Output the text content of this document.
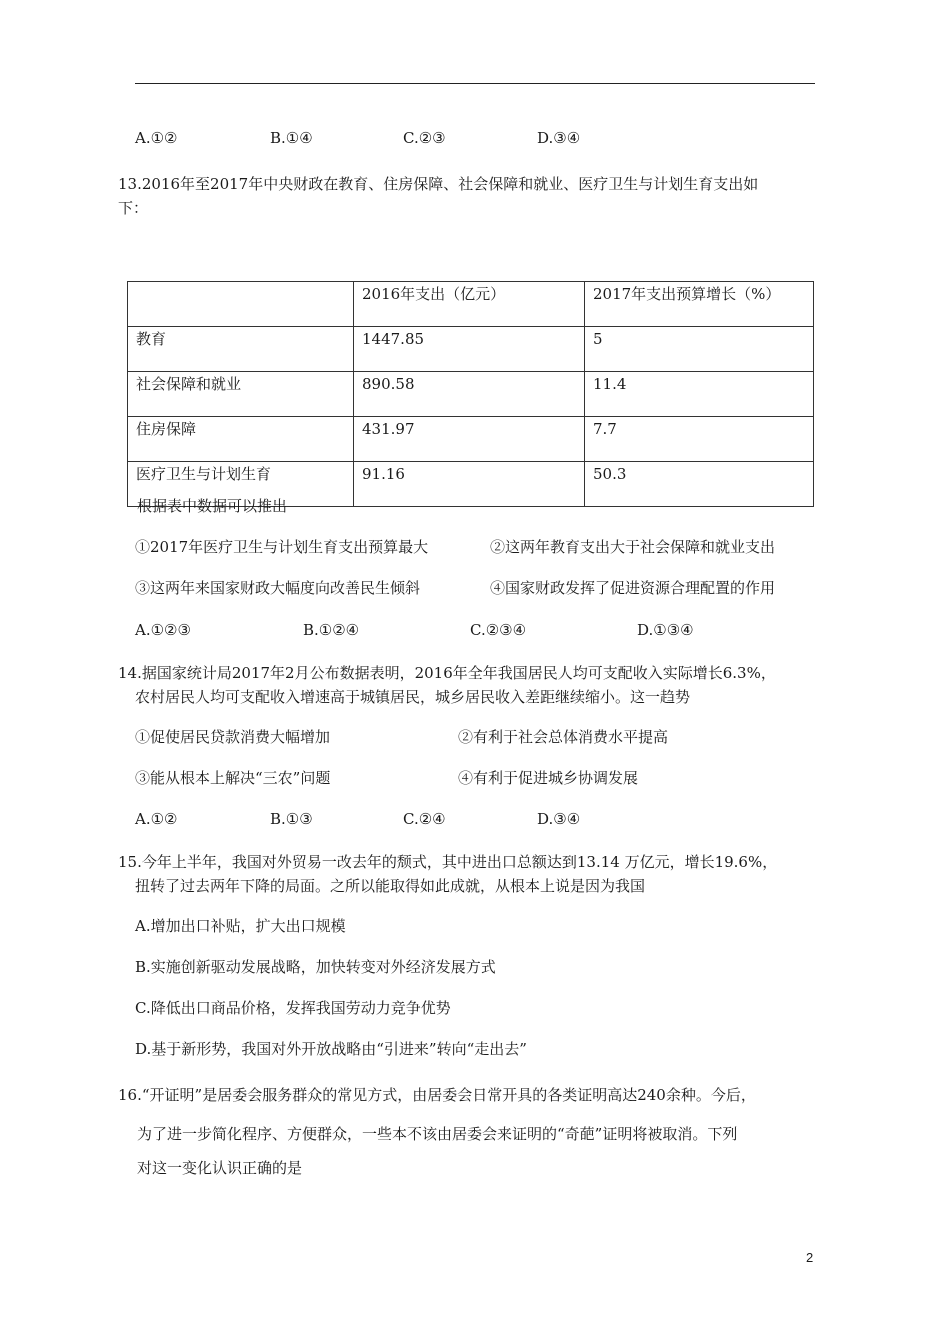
A.①②	B.①④	C.②③	D.③④
13.2016年至2017年中央财政在教育、住房保障、社会保障和就业、医疗卫生与计划生育支出如
下：
	2016年支出（亿元）	2017年支出预算增长（%）
教育	1447.85	5
社会保障和就业	890.58	11.4
住房保障	431.97	7.7
医疗卫生与计划生育	91.16	50.3
根据表中数据可以推出
①2017年医疗卫生与计划生育支出预算最大	②这两年教育支出大于社会保障和就业支出
③这两年来国家财政大幅度向改善民生倾斜	④国家财政发挥了促进资源合理配置的作用
A.①②③	B.①②④	C.②③④	D.①③④
14.据国家统计局2017年2月公布数据表明，2016年全年我国居民人均可支配收入实际增长6.3%，
农村居民人均可支配收入增速高于城镇居民，城乡居民收入差距继续缩小。这一趋势
①促使居民贷款消费大幅增加	②有利于社会总体消费水平提高
③能从根本上解决“三农”问题	④有利于促进城乡协调发展
A.①②	B.①③	C.②④	D.③④
15.今年上半年，我国对外贸易一改去年的颓式，其中进出口总额达到13.14 万亿元，增长19.6%，
扭转了过去两年下降的局面。之所以能取得如此成就，从根本上说是因为我国
A.增加出口补贴，扩大出口规模
B.实施创新驱动发展战略，加快转变对外经济发展方式
C.降低出口商品价格，发挥我国劳动力竞争优势
D.基于新形势，我国对外开放战略由“引进来”转向“走出去”
16.“开证明”是居委会服务群众的常见方式，由居委会日常开具的各类证明高达240余种。今后，
为了进一步简化程序、方便群众，一些本不该由居委会来证明的“奇葩”证明将被取消。下列
对这一变化认识正确的是
2
